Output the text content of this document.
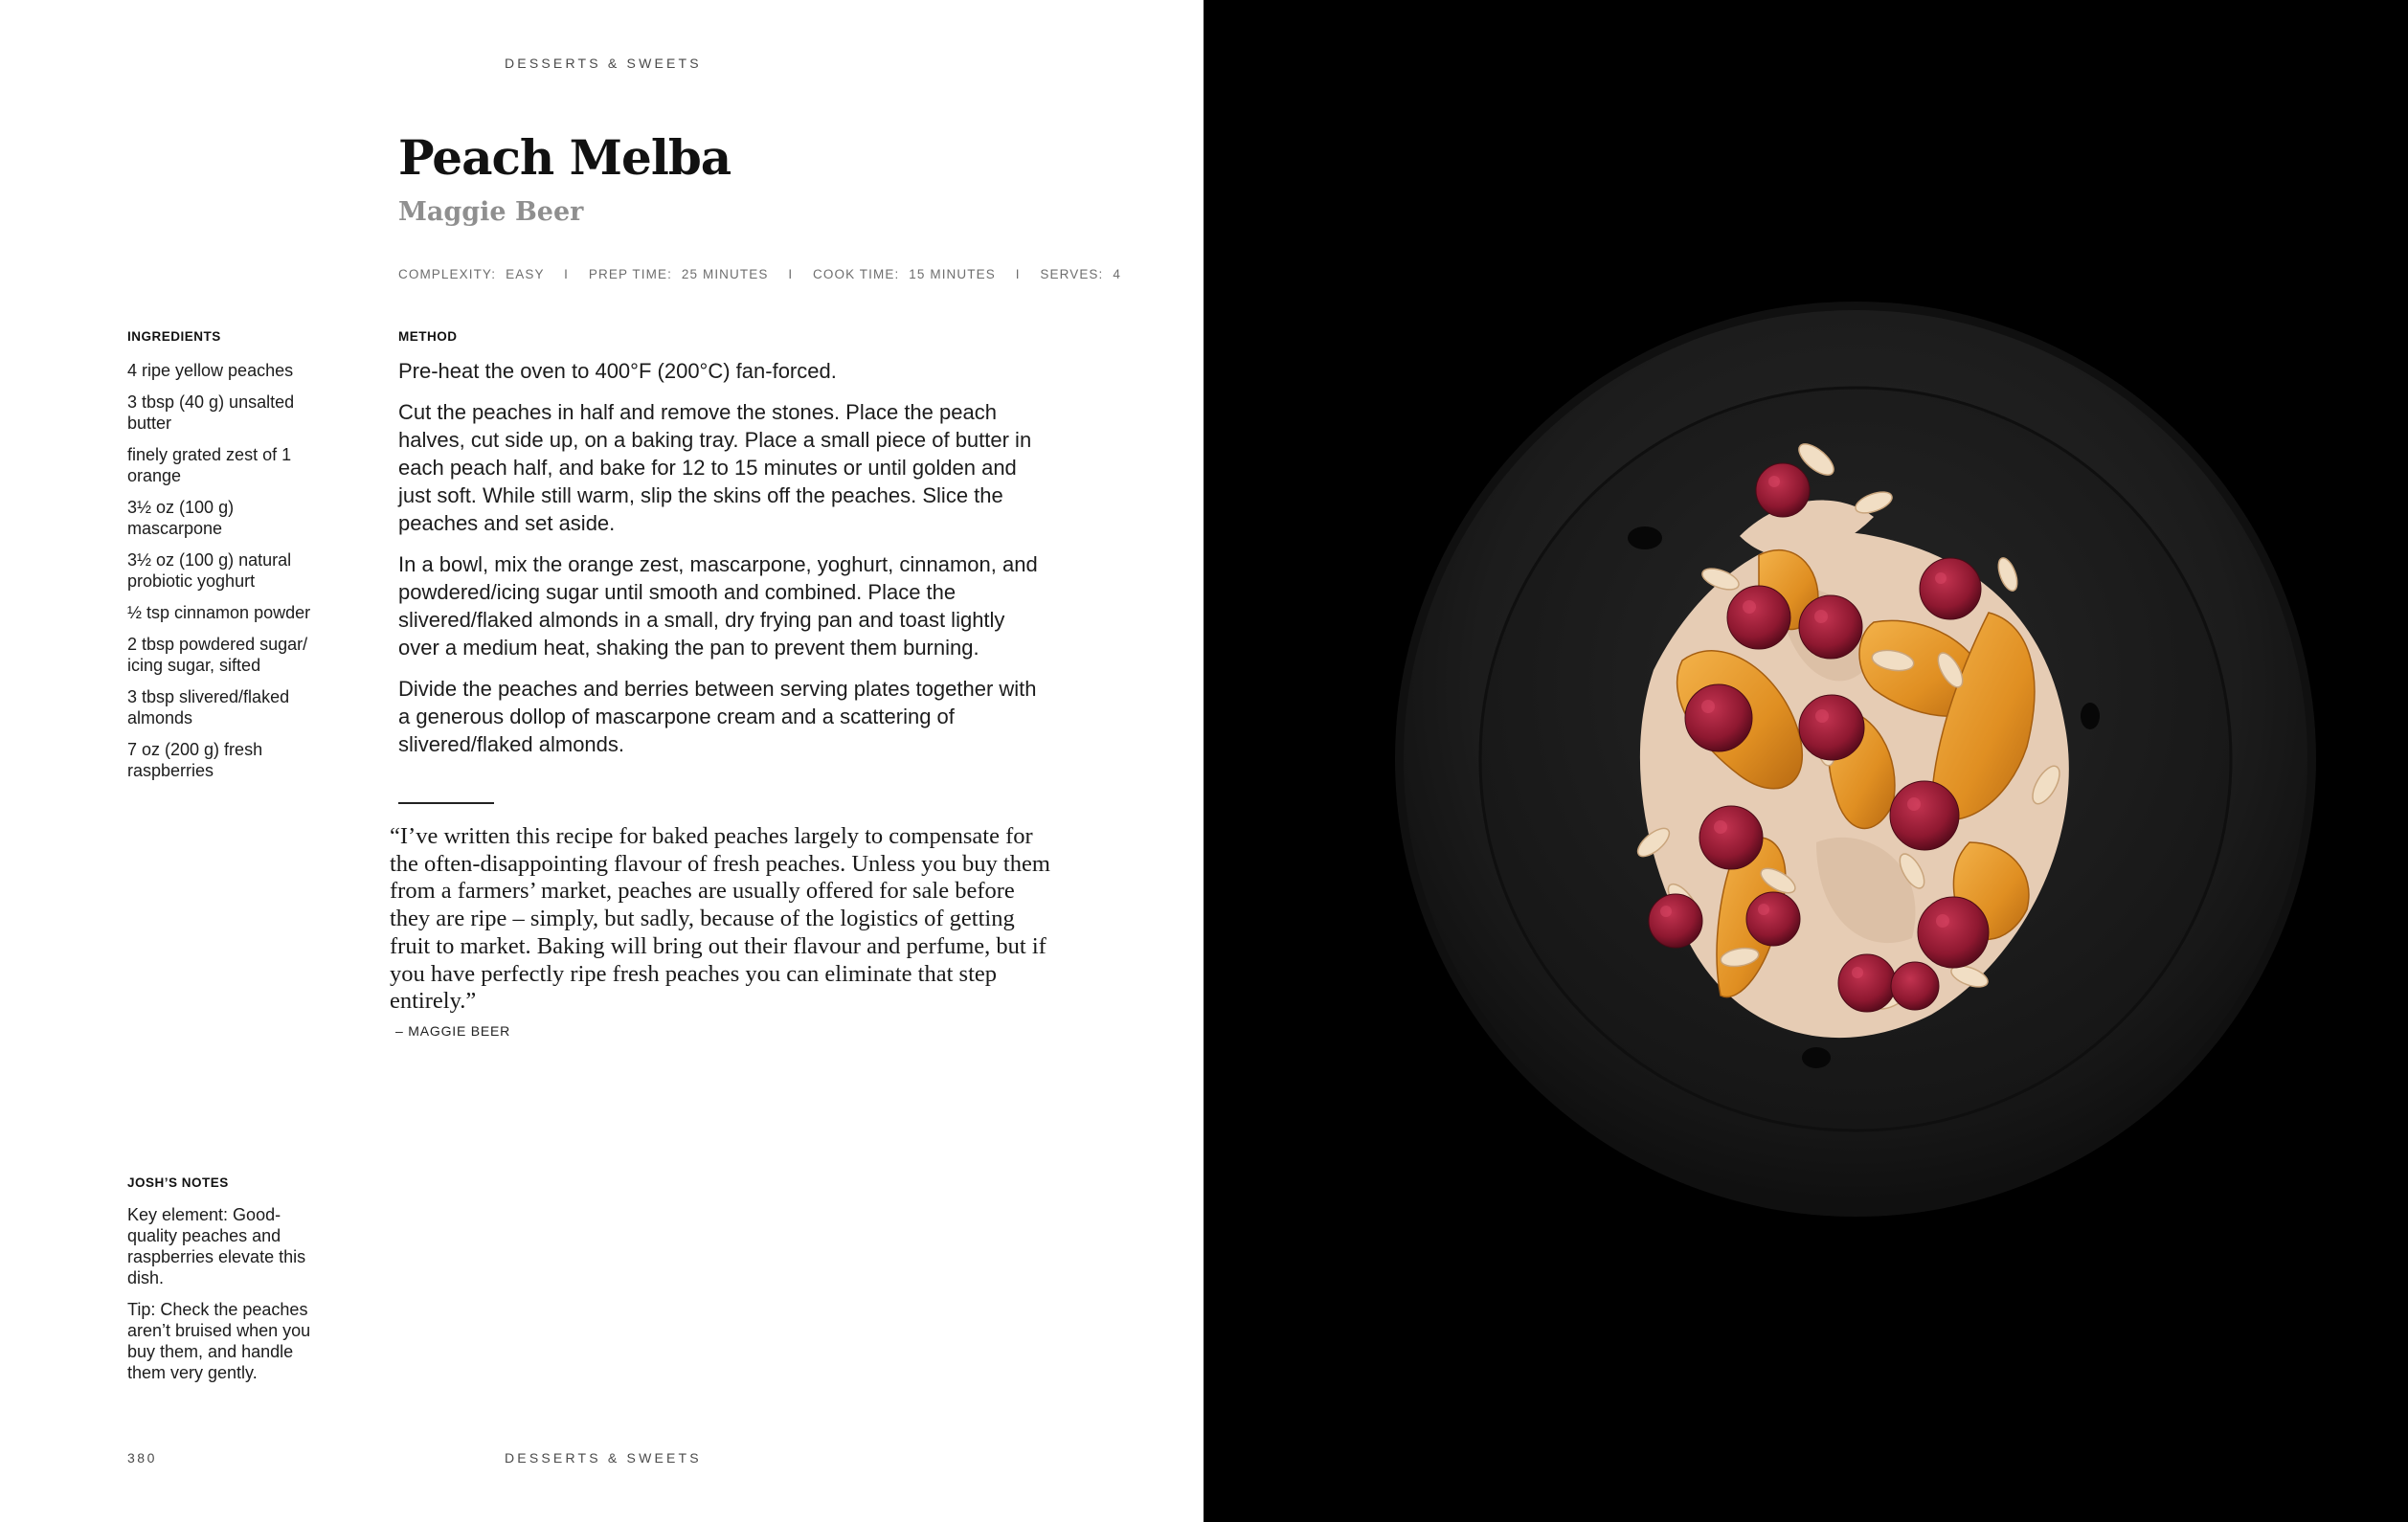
DESSERTS & SWEETS
Peach Melba
Maggie Beer
COMPLEXITY: EASY I PREP TIME: 25 MINUTES I COOK TIME: 15 MINUTES I SERVES: 4
INGREDIENTS
4 ripe yellow peaches
3 tbsp (40 g) unsalted butter
finely grated zest of 1 orange
3½ oz (100 g) mascarpone
3½ oz (100 g) natural probiotic yoghurt
½ tsp cinnamon powder
2 tbsp powdered sugar/ icing sugar, sifted
3 tbsp slivered/flaked almonds
7 oz (200 g) fresh raspberries
METHOD

Pre-heat the oven to 400°F (200°C) fan-forced.

Cut the peaches in half and remove the stones. Place the peach halves, cut side up, on a baking tray. Place a small piece of butter in each peach half, and bake for 12 to 15 minutes or until golden and just soft. While still warm, slip the skins off the peaches. Slice the peaches and set aside.

In a bowl, mix the orange zest, mascarpone, yoghurt, cinnamon, and powdered/icing sugar until smooth and combined. Place the slivered/flaked almonds in a small, dry frying pan and toast lightly over a medium heat, shaking the pan to prevent them burning.

Divide the peaches and berries between serving plates together with a generous dollop of mascarpone cream and a scattering of slivered/flaked almonds.

“I’ve written this recipe for baked peaches largely to compensate for the often-disappointing flavour of fresh peaches. Unless you buy them from a farmers’ market, peaches are usually offered for sale before they are ripe – simply, but sadly, because of the logistics of getting fruit to market. Baking will bring out their flavour and perfume, but if you have perfectly ripe fresh peaches you can eliminate that step entirely.”
– MAGGIE BEER
JOSH’S NOTES

Key element: Good-quality peaches and raspberries elevate this dish.

Tip: Check the peaches aren’t bruised when you buy them, and handle them very gently.

380	DESSERTS & SWEETS
